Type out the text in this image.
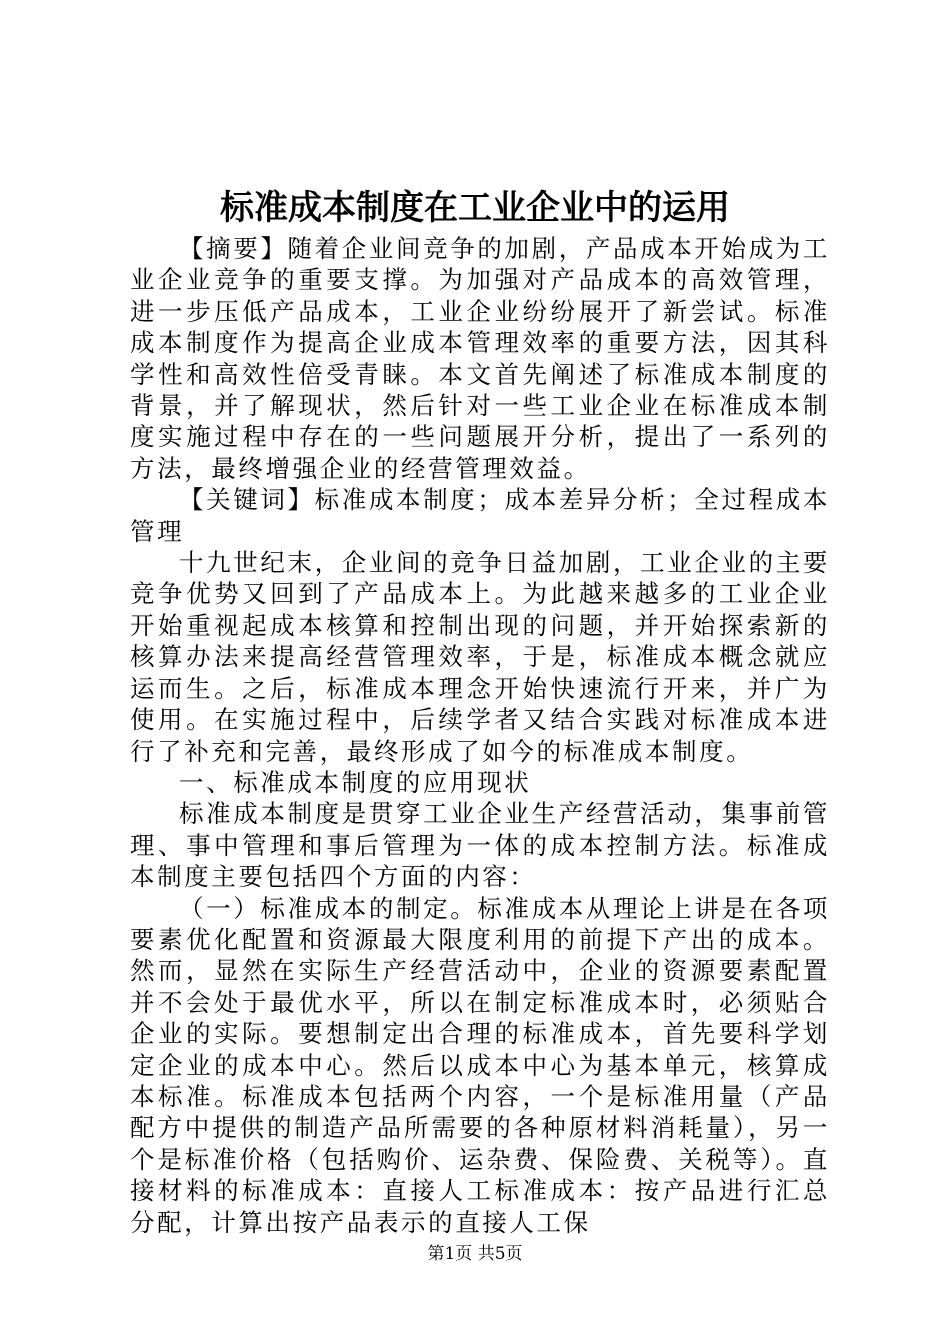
标准成本制度在工业企业中的运用

【摘要】随着企业间竞争的加剧，产品成本开始成为工业企业竞争的重要支撑。为加强对产品成本的高效管理，进一步压低产品成本，工业企业纷纷展开了新尝试。标准成本制度作为提高企业成本管理效率的重要方法，因其科学性和高效性倍受青睐。本文首先阐述了标准成本制度的背景，并了解现状，然后针对一些工业企业在标准成本制度实施过程中存在的一些问题展开分析，提出了一系列的方法，最终增强企业的经营管理效益。

【关键词】标准成本制度；成本差异分析；全过程成本管理

十九世纪末，企业间的竞争日益加剧，工业企业的主要竞争优势又回到了产品成本上。为此越来越多的工业企业开始重视起成本核算和控制出现的问题，并开始探索新的核算办法来提高经营管理效率，于是，标准成本概念就应运而生。之后，标准成本理念开始快速流行开来，并广为使用。在实施过程中，后续学者又结合实践对标准成本进行了补充和完善，最终形成了如今的标准成本制度。

一、标准成本制度的应用现状

标准成本制度是贯穿工业企业生产经营活动，集事前管理、事中管理和事后管理为一体的成本控制方法。标准成本制度主要包括四个方面的内容：

（一）标准成本的制定。标准成本从理论上讲是在各项要素优化配置和资源最大限度利用的前提下产出的成本。然而，显然在实际生产经营活动中，企业的资源要素配置并不会处于最优水平，所以在制定标准成本时，必须贴合企业的实际。要想制定出合理的标准成本，首先要科学划定企业的成本中心。然后以成本中心为基本单元，核算成本标准。标准成本包括两个内容，一个是标准用量（产品配方中提供的制造产品所需要的各种原材料消耗量），另一个是标准价格（包括购价、运杂费、保险费、关税等）。直接材料的标准成本：直接人工标准成本：按产品进行汇总分配，计算出按产品表示的直接人工保

第1页 共5页
